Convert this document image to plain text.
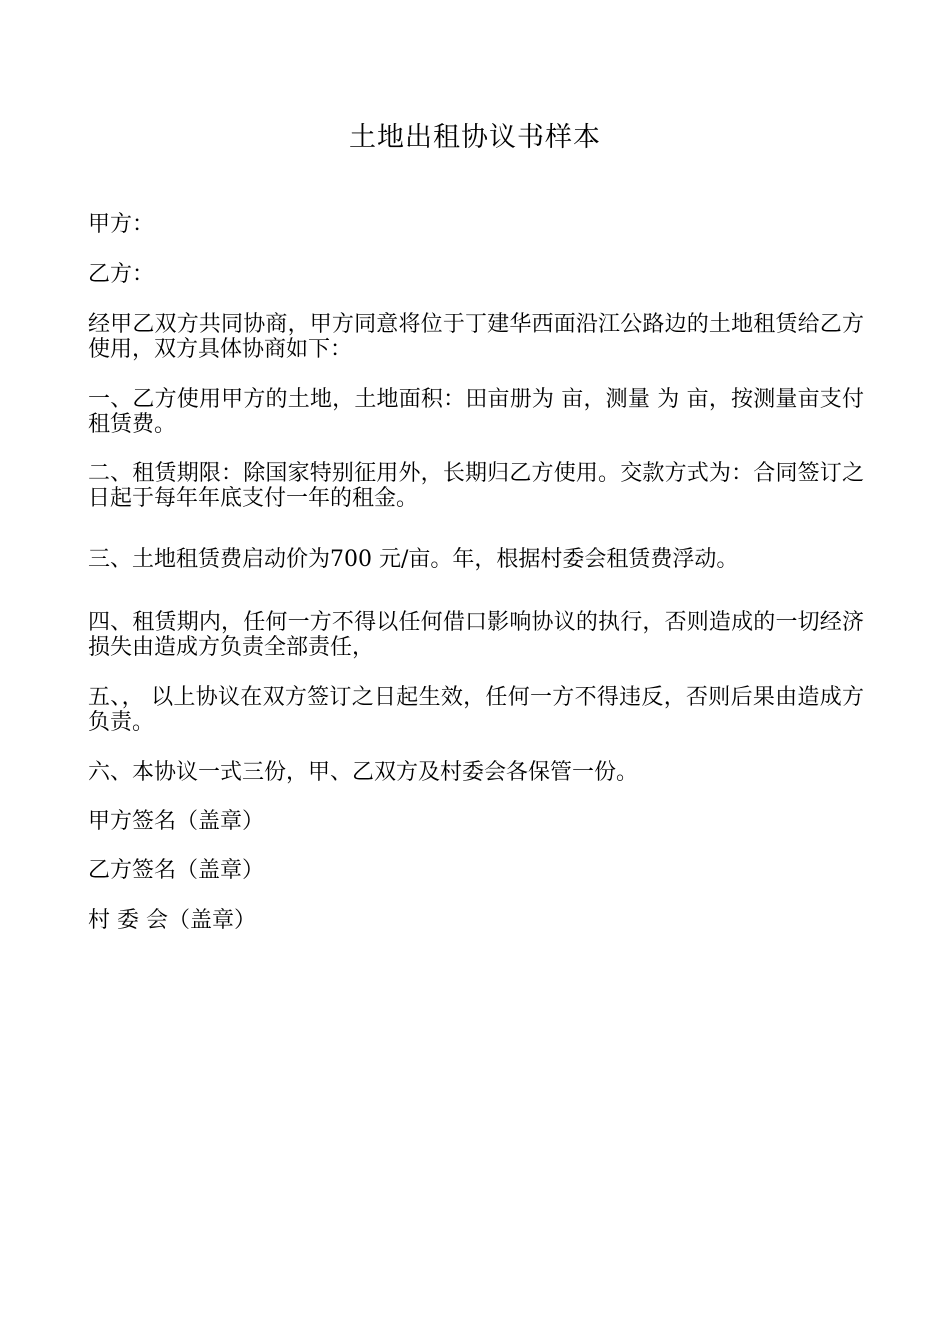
土地出租协议书样本
甲方：
乙方：
经甲乙双方共同协商，甲方同意将位于丁建华西面沿江公路边的土地租赁给乙方使用，双方具体协商如下：
一、乙方使用甲方的土地，土地面积：田亩册为 亩，测量 为 亩，按测量亩支付租赁费。
二、租赁期限：除国家特别征用外，长期归乙方使用。交款方式为：合同签订之日起于每年年底支付一年的租金。
三、土地租赁费启动价为700 元/亩。年，根据村委会租赁费浮动。
四、租赁期内，任何一方不得以任何借口影响协议的执行，否则造成的一切经济损失由造成方负责全部责任，
五、， 以上协议在双方签订之日起生效，任何一方不得违反，否则后果由造成方负责。
六、本协议一式三份，甲、乙双方及村委会各保管一份。
甲方签名（盖章）
乙方签名（盖章）
村 委 会（盖章）
